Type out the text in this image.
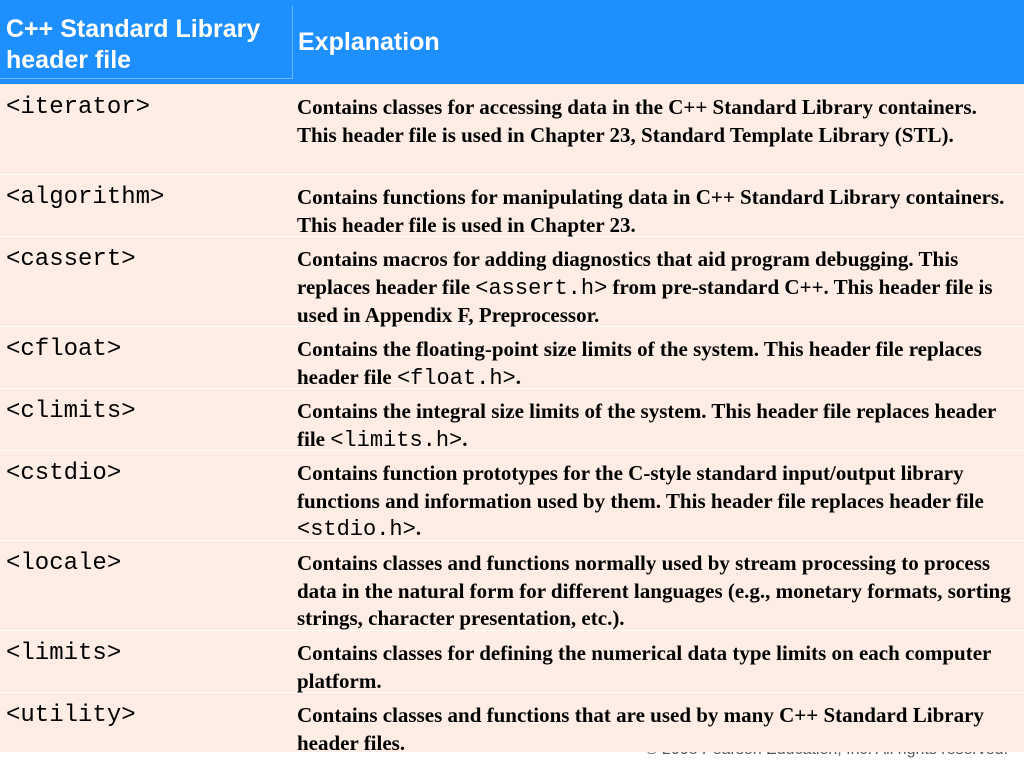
C++ Standard Library header file
Explanation
<iterator>	Contains classes for accessing data in the C++ Standard Library containers. This header file is used in Chapter 23, Standard Template Library (STL).
<algorithm>	Contains functions for manipulating data in C++ Standard Library containers. This header file is used in Chapter 23.
<cassert>	Contains macros for adding diagnostics that aid program debugging. This replaces header file <assert.h> from pre-standard C++. This header file is used in Appendix F, Preprocessor.
<cfloat>	Contains the floating-point size limits of the system. This header file replaces header file <float.h>.
<climits>	Contains the integral size limits of the system. This header file replaces header file <limits.h>.
<cstdio>	Contains function prototypes for the C-style standard input/output library functions and information used by them. This header file replaces header file <stdio.h>.
<locale>	Contains classes and functions normally used by stream processing to process data in the natural form for different languages (e.g., monetary formats, sorting strings, character presentation, etc.).
<limits>	Contains classes for defining the numerical data type limits on each computer platform.
<utility>	Contains classes and functions that are used by many C++ Standard Library header files.
